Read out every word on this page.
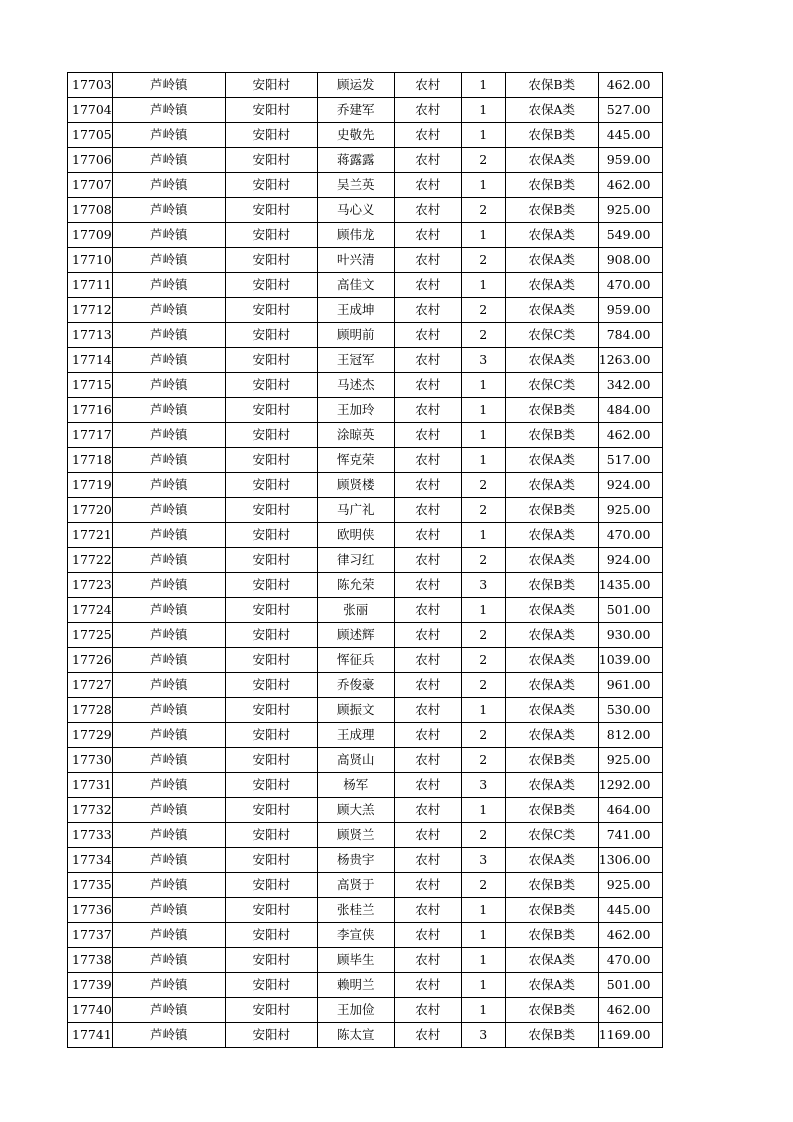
17703	芦岭镇	安阳村	顾运发	农村	1	农保B类	462.00
17704	芦岭镇	安阳村	乔建军	农村	1	农保A类	527.00
17705	芦岭镇	安阳村	史敬先	农村	1	农保B类	445.00
17706	芦岭镇	安阳村	蒋露露	农村	2	农保A类	959.00
17707	芦岭镇	安阳村	吴兰英	农村	1	农保B类	462.00
17708	芦岭镇	安阳村	马心义	农村	2	农保B类	925.00
17709	芦岭镇	安阳村	顾伟龙	农村	1	农保A类	549.00
17710	芦岭镇	安阳村	叶兴清	农村	2	农保A类	908.00
17711	芦岭镇	安阳村	高佳文	农村	1	农保A类	470.00
17712	芦岭镇	安阳村	王成坤	农村	2	农保A类	959.00
17713	芦岭镇	安阳村	顾明前	农村	2	农保C类	784.00
17714	芦岭镇	安阳村	王冠军	农村	3	农保A类	1263.00
17715	芦岭镇	安阳村	马述杰	农村	1	农保C类	342.00
17716	芦岭镇	安阳村	王加玲	农村	1	农保B类	484.00
17717	芦岭镇	安阳村	涂晾英	农村	1	农保B类	462.00
17718	芦岭镇	安阳村	恽克荣	农村	1	农保A类	517.00
17719	芦岭镇	安阳村	顾贤楼	农村	2	农保A类	924.00
17720	芦岭镇	安阳村	马广礼	农村	2	农保B类	925.00
17721	芦岭镇	安阳村	欧明侠	农村	1	农保A类	470.00
17722	芦岭镇	安阳村	律习红	农村	2	农保A类	924.00
17723	芦岭镇	安阳村	陈允荣	农村	3	农保B类	1435.00
17724	芦岭镇	安阳村	张丽	农村	1	农保A类	501.00
17725	芦岭镇	安阳村	顾述辉	农村	2	农保A类	930.00
17726	芦岭镇	安阳村	恽征兵	农村	2	农保A类	1039.00
17727	芦岭镇	安阳村	乔俊豪	农村	2	农保A类	961.00
17728	芦岭镇	安阳村	顾振文	农村	1	农保A类	530.00
17729	芦岭镇	安阳村	王成理	农村	2	农保A类	812.00
17730	芦岭镇	安阳村	高贤山	农村	2	农保B类	925.00
17731	芦岭镇	安阳村	杨军	农村	3	农保A类	1292.00
17732	芦岭镇	安阳村	顾大羔	农村	1	农保B类	464.00
17733	芦岭镇	安阳村	顾贤兰	农村	2	农保C类	741.00
17734	芦岭镇	安阳村	杨贵宇	农村	3	农保A类	1306.00
17735	芦岭镇	安阳村	高贤于	农村	2	农保B类	925.00
17736	芦岭镇	安阳村	张桂兰	农村	1	农保B类	445.00
17737	芦岭镇	安阳村	李宣侠	农村	1	农保B类	462.00
17738	芦岭镇	安阳村	顾毕生	农村	1	农保A类	470.00
17739	芦岭镇	安阳村	赖明兰	农村	1	农保A类	501.00
17740	芦岭镇	安阳村	王加俭	农村	1	农保B类	462.00
17741	芦岭镇	安阳村	陈太宣	农村	3	农保B类	1169.00
